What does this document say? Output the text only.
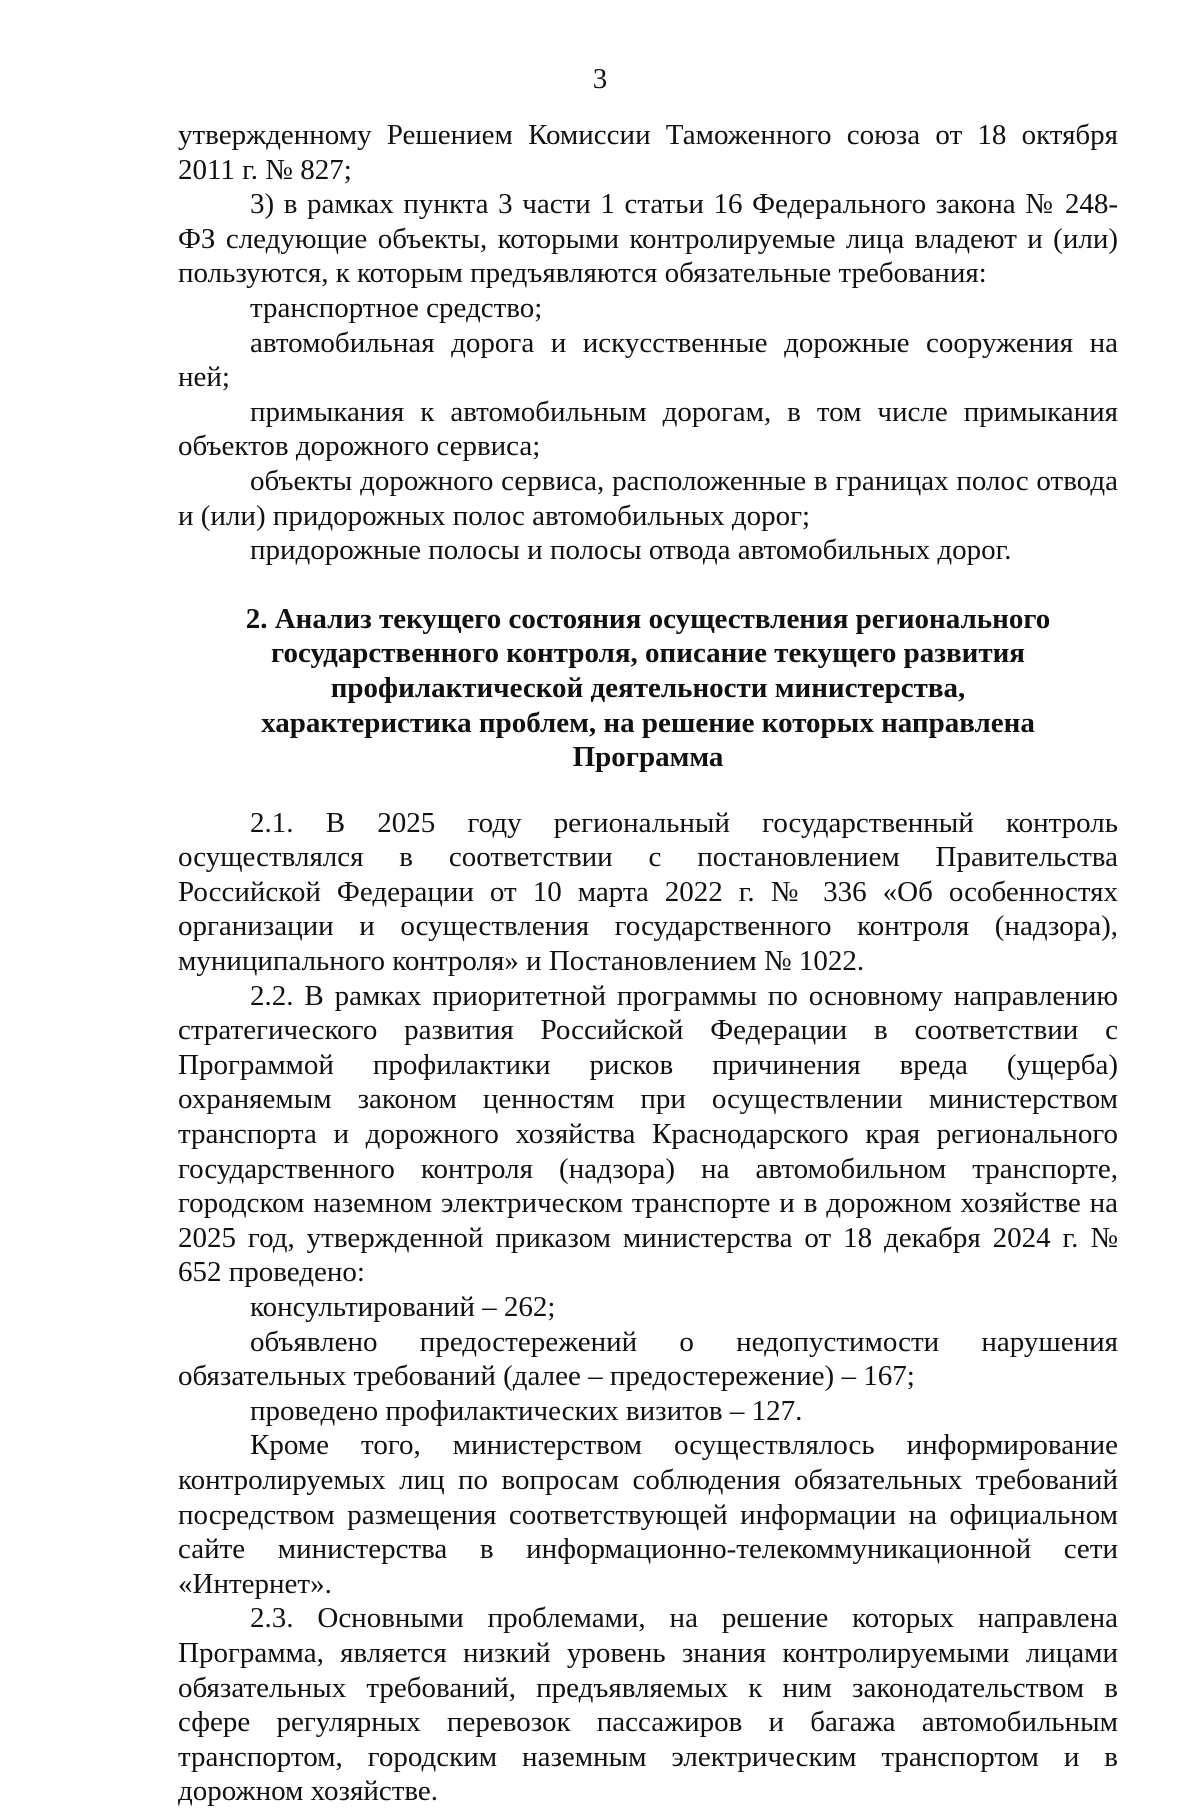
3

утвержденному Решением Комиссии Таможенного союза от 18 октября 2011 г. № 827;

3) в рамках пункта 3 части 1 статьи 16 Федерального закона № 248-ФЗ следующие объекты, которыми контролируемые лица владеют и (или) пользуются, к которым предъявляются обязательные требования:

транспортное средство;

автомобильная дорога и искусственные дорожные сооружения на ней;

примыкания к автомобильным дорогам, в том числе примыкания объектов дорожного сервиса;

объекты дорожного сервиса, расположенные в границах полос отвода и (или) придорожных полос автомобильных дорог;

придорожные полосы и полосы отвода автомобильных дорог.

2. Анализ текущего состояния осуществления регионального
государственного контроля, описание текущего развития
профилактической деятельности министерства,
характеристика проблем, на решение которых направлена
Программа

2.1. В 2025 году региональный государственный контроль осуществлялся в соответствии с постановлением Правительства Российской Федерации от 10 марта 2022 г. № 336 «Об особенностях организации и осуществления государственного контроля (надзора), муниципального контроля» и Постановлением № 1022.

2.2. В рамках приоритетной программы по основному направлению стратегического развития Российской Федерации в соответствии с Программой профилактики рисков причинения вреда (ущерба) охраняемым законом ценностям при осуществлении министерством транспорта и дорожного хозяйства Краснодарского края регионального государственного контроля (надзора) на автомобильном транспорте, городском наземном электрическом транспорте и в дорожном хозяйстве на 2025 год, утвержденной приказом министерства от 18 декабря 2024 г. № 652 проведено:

консультирований – 262;

объявлено предостережений о недопустимости нарушения обязательных требований (далее – предостережение) – 167;

проведено профилактических визитов – 127.

Кроме того, министерством осуществлялось информирование контролируемых лиц по вопросам соблюдения обязательных требований посредством размещения соответствующей информации на официальном сайте министерства в информационно-телекоммуникационной сети «Интернет».

2.3. Основными проблемами, на решение которых направлена Программа, является низкий уровень знания контролируемыми лицами обязательных требований, предъявляемых к ним законодательством в сфере регулярных перевозок пассажиров и багажа автомобильным транспортом, городским наземным электрическим транспортом и в дорожном хозяйстве.
